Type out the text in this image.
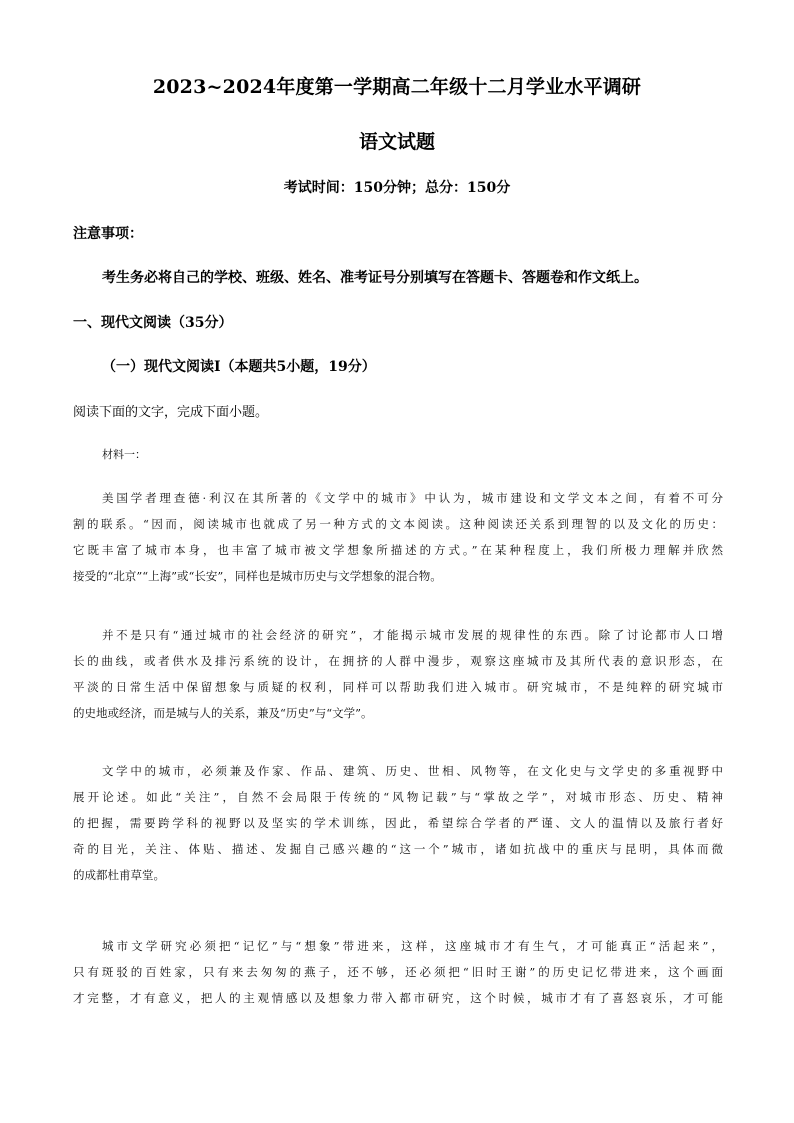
2023~2024年度第一学期高二年级十二月学业水平调研
语文试题
考试时间：150分钟；总分：150分
注意事项：
考生务必将自己的学校、班级、姓名、准考证号分别填写在答题卡、答题卷和作文纸上。
一、现代文阅读（35分）
（一）现代文阅读Ⅰ（本题共5小题，19分）
阅读下面的文字，完成下面小题。
材料一：
美国学者理查德·利汉在其所著的《文学中的城市》中认为，城市建设和文学文本之间，有着不可分
割的联系。“因而，阅读城市也就成了另一种方式的文本阅读。这种阅读还关系到理智的以及文化的历史：
它既丰富了城市本身，也丰富了城市被文学想象所描述的方式。”在某种程度上，我们所极力理解并欣然
接受的“北京”“上海”或“长安”，同样也是城市历史与文学想象的混合物。
并不是只有“通过城市的社会经济的研究”，才能揭示城市发展的规律性的东西。除了讨论都市人口增
长的曲线，或者供水及排污系统的设计，在拥挤的人群中漫步，观察这座城市及其所代表的意识形态，在
平淡的日常生活中保留想象与质疑的权利，同样可以帮助我们进入城市。研究城市，不是纯粹的研究城市
的史地或经济，而是城与人的关系，兼及“历史”与“文学”。
文学中的城市，必须兼及作家、作品、建筑、历史、世相、风物等，在文化史与文学史的多重视野中
展开论述。如此“关注”，自然不会局限于传统的“风物记载”与“掌故之学”，对城市形态、历史、精神
的把握，需要跨学科的视野以及坚实的学术训练，因此，希望综合学者的严谨、文人的温情以及旅行者好
奇的目光，关注、体贴、描述、发掘自己感兴趣的“这一个”城市，诸如抗战中的重庆与昆明，具体而微
的成都杜甫草堂。
城市文学研究必须把“记忆”与“想象”带进来，这样，这座城市才有生气，才可能真正“活起来”，
只有斑驳的百姓家，只有来去匆匆的燕子，还不够，还必须把“旧时王谢”的历史记忆带进来，这个画面
才完整，才有意义，把人的主观情感以及想象力带入都市研究，这个时候，城市才有了喜怒哀乐，才可能
